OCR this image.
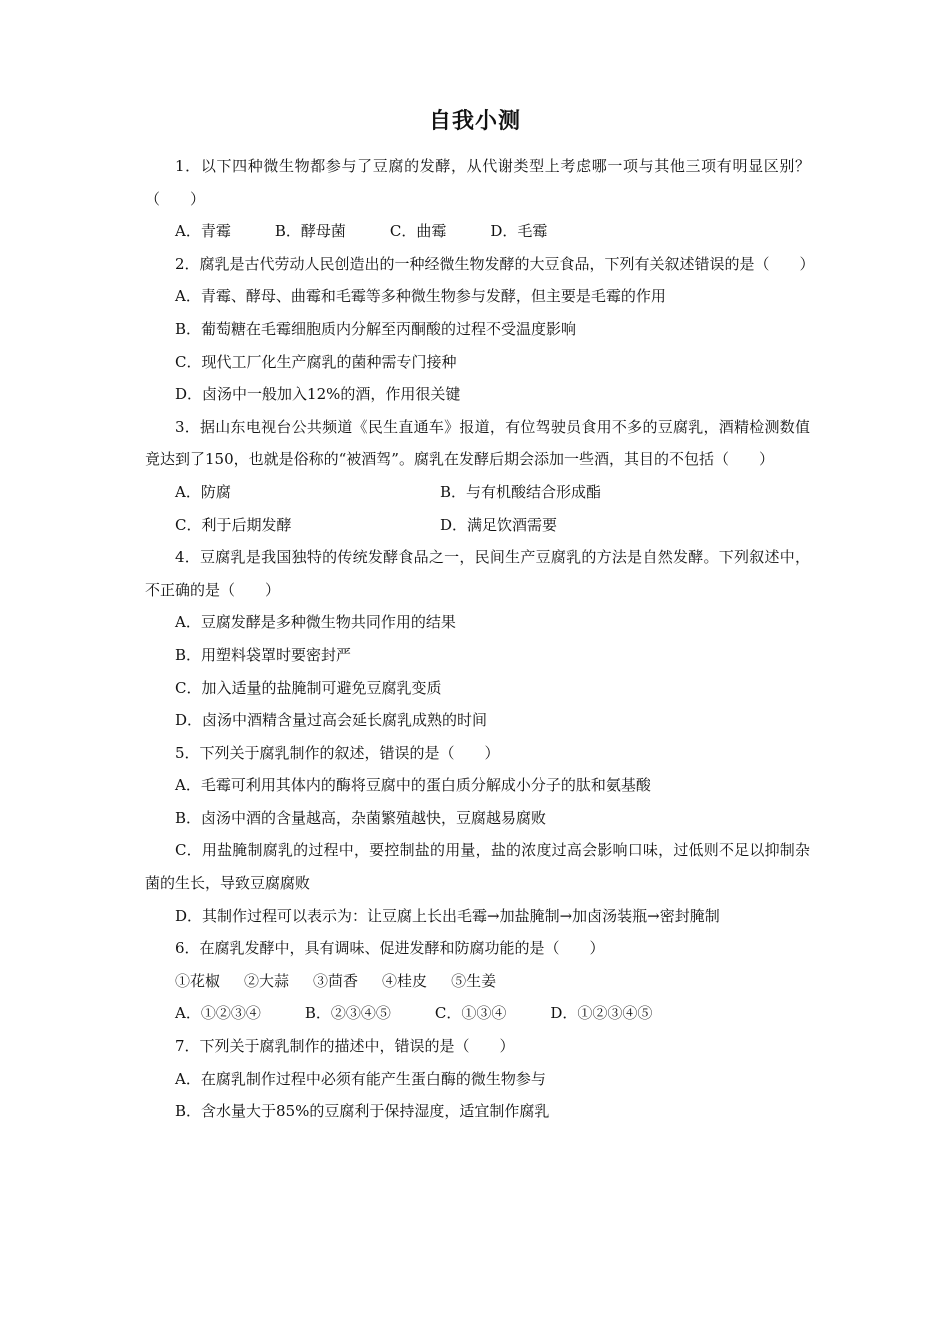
自我小测

1．以下四种微生物都参与了豆腐的发酵，从代谢类型上考虑哪一项与其他三项有明显区别？（　　）

A．青霉	B．酵母菌	C．曲霉	D．毛霉

2．腐乳是古代劳动人民创造出的一种经微生物发酵的大豆食品，下列有关叙述错误的是（　　）

A．青霉、酵母、曲霉和毛霉等多种微生物参与发酵，但主要是毛霉的作用

B．葡萄糖在毛霉细胞质内分解至丙酮酸的过程不受温度影响

C．现代工厂化生产腐乳的菌种需专门接种

D．卤汤中一般加入12%的酒，作用很关键

3．据山东电视台公共频道《民生直通车》报道，有位驾驶员食用不多的豆腐乳，酒精检测数值竟达到了150，也就是俗称的“被酒驾”。腐乳在发酵后期会添加一些酒，其目的不包括（　　）

A．防腐	B．与有机酸结合形成酯

C．利于后期发酵	D．满足饮酒需要

4．豆腐乳是我国独特的传统发酵食品之一，民间生产豆腐乳的方法是自然发酵。下列叙述中，不正确的是（　　）

A．豆腐发酵是多种微生物共同作用的结果

B．用塑料袋罩时要密封严

C．加入适量的盐腌制可避免豆腐乳变质

D．卤汤中酒精含量过高会延长腐乳成熟的时间

5．下列关于腐乳制作的叙述，错误的是（　　）

A．毛霉可利用其体内的酶将豆腐中的蛋白质分解成小分子的肽和氨基酸

B．卤汤中酒的含量越高，杂菌繁殖越快，豆腐越易腐败

C．用盐腌制腐乳的过程中，要控制盐的用量，盐的浓度过高会影响口味，过低则不足以抑制杂菌的生长，导致豆腐腐败

D．其制作过程可以表示为：让豆腐上长出毛霉→加盐腌制→加卤汤装瓶→密封腌制

6．在腐乳发酵中，具有调味、促进发酵和防腐功能的是（　　）

①花椒 ②大蒜 ③茴香 ④桂皮 ⑤生姜

A．①②③④	B．②③④⑤	C．①③④	D．①②③④⑤

7．下列关于腐乳制作的描述中，错误的是（　　）

A．在腐乳制作过程中必须有能产生蛋白酶的微生物参与

B．含水量大于85%的豆腐利于保持湿度，适宜制作腐乳
